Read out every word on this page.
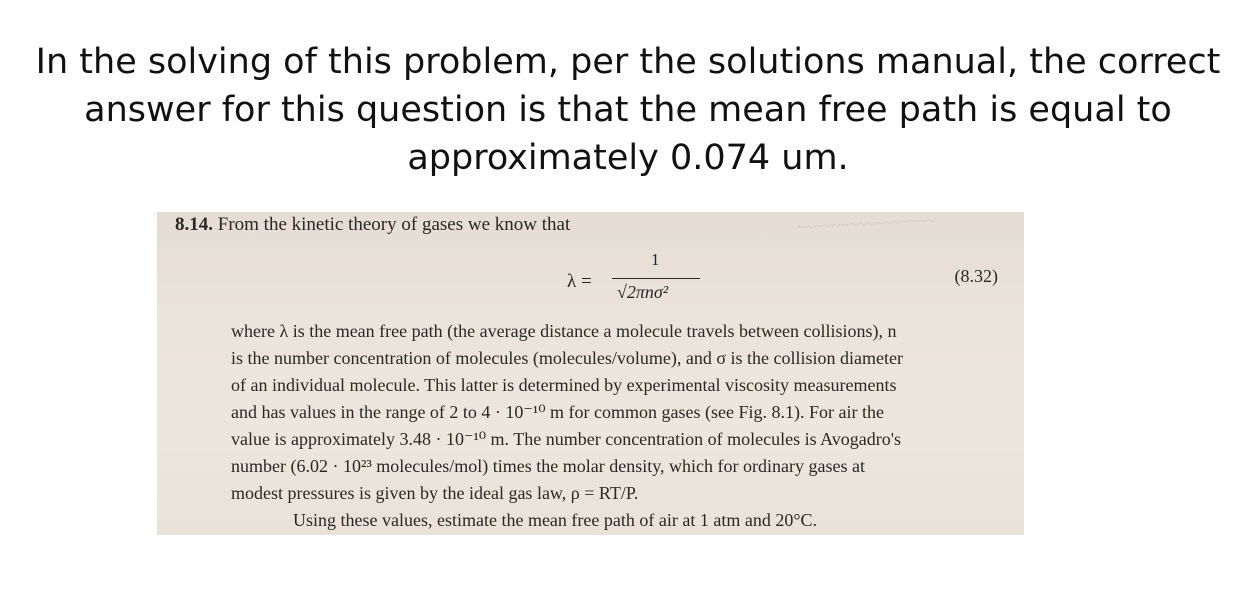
In the solving of this problem, per the solutions manual, the correct
answer for this question is that the mean free path is equal to
approximately 0.074 um.
~~~~~~~~~~~~~~~~
8.14. From the kinetic theory of gases we know that
λ =
1
√2πnσ²
(8.32)
where λ is the mean free path (the average distance a molecule travels between collisions), n
is the number concentration of molecules (molecules/volume), and σ is the collision diameter
of an individual molecule. This latter is determined by experimental viscosity measurements
and has values in the range of 2 to 4 · 10⁻¹⁰ m for common gases (see Fig. 8.1). For air the
value is approximately 3.48 · 10⁻¹⁰ m. The number concentration of molecules is Avogadro's
number (6.02 · 10²³ molecules/mol) times the molar density, which for ordinary gases at
modest pressures is given by the ideal gas law, ρ = RT/P.
Using these values, estimate the mean free path of air at 1 atm and 20°C.
